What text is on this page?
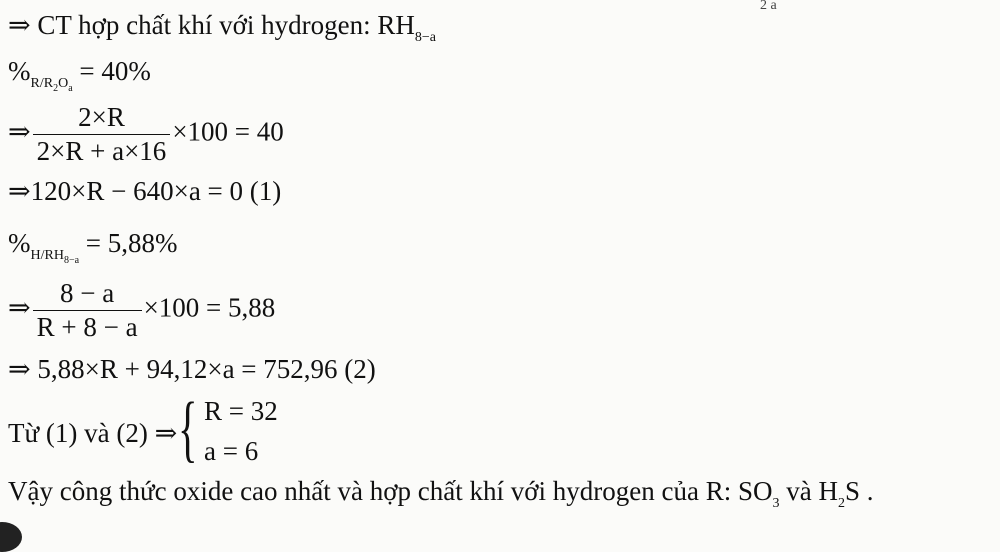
2 a
⇒ CT hợp chất khí với hydrogen: $RH_{8-a}$
$\%_{R/R_2O_a} = 40\%$
⇒ $\frac{2\times R}{2\times R + a\times 16} \times 100 = 40$
⇒120×R − 640×a = 0 (1)
$\%_{H/RH_{8-a}} = 5,88\%$
⇒ $\frac{8 - a}{R + 8 - a} \times 100 = 5,88$
⇒ 5,88×R + 94,12×a = 752,96 (2)
Từ (1) và (2) ⇒ { R = 32
a = 6
Vậy công thức oxide cao nhất và hợp chất khí với hydrogen của R: $SO_3$ và $H_2S$ .
